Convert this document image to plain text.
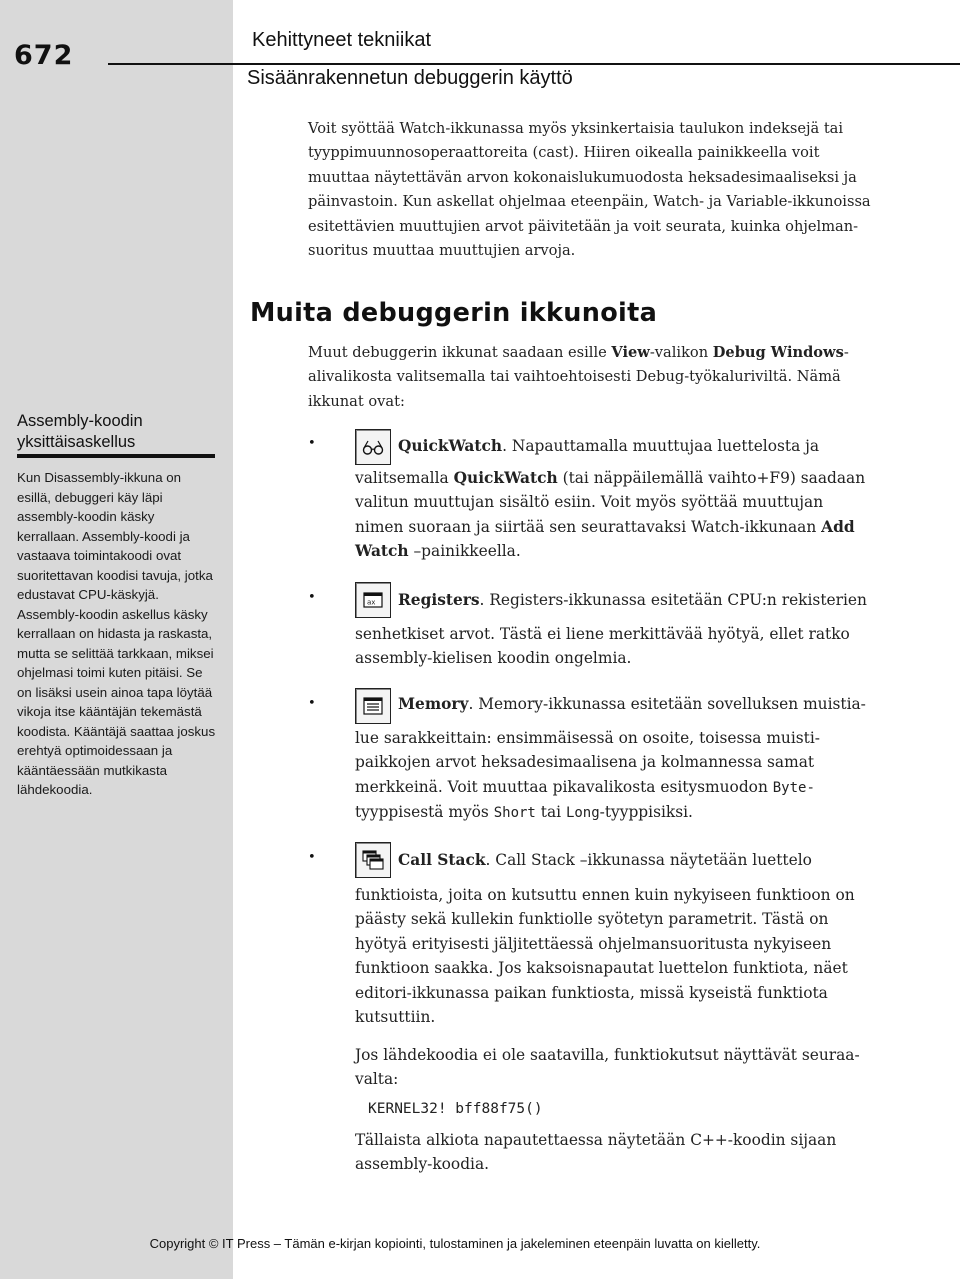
672	Kehittyneet tekniikat
Sisäänrakennetun debuggerin käyttö
Voit syöttää Watch-ikkunassa myös yksinkertaisia taulukon indeksejä tai
tyyppimuunnosoperaattoreita (cast). Hiiren oikealla painikkeella voit
muuttaa näytettävän arvon kokonaislukumuodosta heksadesimaaliseksi ja
päinvastoin. Kun askellat ohjelmaa eteenpäin, Watch- ja Variable-ikkunoissa
esitettävien muuttujien arvot päivitetään ja voit seurata, kuinka ohjelman-
suoritus muuttaa muuttujien arvoja.
Muita debuggerin ikkunoita
Muut debuggerin ikkunat saadaan esille View-valikon Debug Windows-
alivalikosta valitsemalla tai vaihtoehtoisesti Debug-työkaluriviltä. Nämä
ikkunat ovat:
Assembly-koodin
yksittäisaskellus
Kun Disassembly-ikkuna on
esillä, debuggeri käy läpi
assembly-koodin käsky
kerrallaan. Assembly-koodi ja
vastaava toimintakoodi ovat
suoritettavan koodisi tavuja, jotka
edustavat CPU-käskyjä.
Assembly-koodin askellus käsky
kerrallaan on hidasta ja raskasta,
mutta se selittää tarkkaan, miksei
ohjelmasi toimi kuten pitäisi. Se
on lisäksi usein ainoa tapa löytää
vikoja itse kääntäjän tekemästä
koodista. Kääntäjä saattaa joskus
erehtyä optimoidessaan ja
kääntäessään mutkikasta
lähdekoodia.
•	QuickWatch. Napauttamalla muuttujaa luettelosta ja
valitsemalla QuickWatch (tai näppäilemällä vaihto+F9) saadaan
valitun muuttujan sisältö esiin. Voit myös syöttää muuttujan
nimen suoraan ja siirtää sen seurattavaksi Watch-ikkunaan Add
Watch –painikkeella.
•	ax Registers. Registers-ikkunassa esitetään CPU:n rekisterien
senhetkiset arvot. Tästä ei liene merkittävää hyötyä, ellet ratko
assembly-kielisen koodin ongelmia.
•	Memory. Memory-ikkunassa esitetään sovelluksen muistia-
lue sarakkeittain: ensimmäisessä on osoite, toisessa muisti-
paikkojen arvot heksadesimaalisena ja kolmannessa samat
merkkeinä. Voit muuttaa pikavalikosta esitysmuodon Byte-
tyyppisestä myös Short tai Long-tyyppisiksi.
•	Call Stack. Call Stack –ikkunassa näytetään luettelo
funktioista, joita on kutsuttu ennen kuin nykyiseen funktioon on
päästy sekä kullekin funktiolle syötetyn parametrit. Tästä on
hyötyä erityisesti jäljitettäessä ohjelmansuoritusta nykyiseen
funktioon saakka. Jos kaksoisnapautat luettelon funktiota, näet
editori-ikkunassa paikan funktiosta, missä kyseistä funktiota
kutsuttiin.
Jos lähdekoodia ei ole saatavilla, funktiokutsut näyttävät seuraa-
valta:
KERNEL32! bff88f75()
Tällaista alkiota napautettaessa näytetään C++-koodin sijaan
assembly-koodia.
Copyright © IT Press – Tämän e-kirjan kopiointi, tulostaminen ja jakeleminen eteenpäin luvatta on kielletty.
